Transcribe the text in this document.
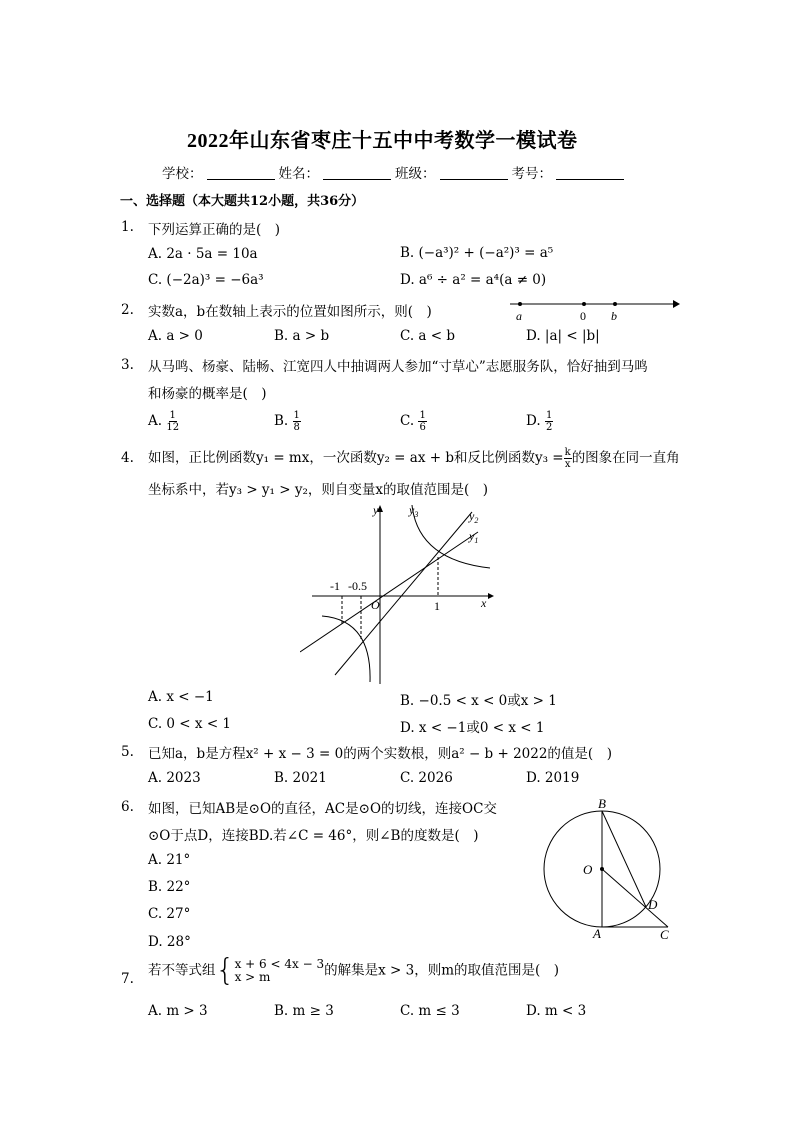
2022年山东省枣庄十五中中考数学一模试卷
学校：	姓名：	班级：	考号：
一、选择题（本大题共12小题，共36分）
1. 下列运算正确的是(　)
A. 2a · 5a = 10a	B. (−a³)² + (−a²)³ = a⁵
C. (−2a)³ = −6a³	D. a⁶ ÷ a² = a⁴(a ≠ 0)
2. 实数a，b在数轴上表示的位置如图所示，则(　)	a	0 b
A. a > 0	B. a > b	C. a < b	D. |a| < |b|
3. 从马鸣、杨豪、陆畅、江宽四人中抽调两人参加“寸草心”志愿服务队，恰好抽到马鸣
和杨豪的概率是(　)
A. $\frac{1}{12}$	B. $\frac{1}{8}$	C. $\frac{1}{6}$	D. $\frac{1}{2}$
4. 如图，正比例函数y₁ = mx，一次函数y₂ = ax + b和反比例函数$y_3 = \frac{k}{x}$ 的图象在同一直角
坐标系中，若y₃ > y₁ > y₂，则自变量x的取值范围是(　)
y
x
O
-1 -0.5
1
$y_3$	$y_2$
$y_1$
A. x < −1	B. −0.5 < x < 0或x > 1
C. 0 < x < 1	D. x < −1或0 < x < 1
5. 已知a，b是方程x² + x − 3 = 0的两个实数根，则a² − b + 2022的值是(　)
A. 2023	B. 2021	C. 2026	D. 2019
6. 如图，已知AB是⊙O的直径，AC是⊙O的切线，连接OC交
⊙O于点D，连接BD.若∠C = 46°，则∠B的度数是(　)
A. 21°
B. 22°
C. 27°
D. 28°
B
O
D
A	C
7.
若不等式组 { x + 6 < 4x − 3
x > m	的解集是x > 3，则m的取值范围是(　)
A. m > 3	B. m ≥ 3	C. m ≤ 3	D. m < 3
